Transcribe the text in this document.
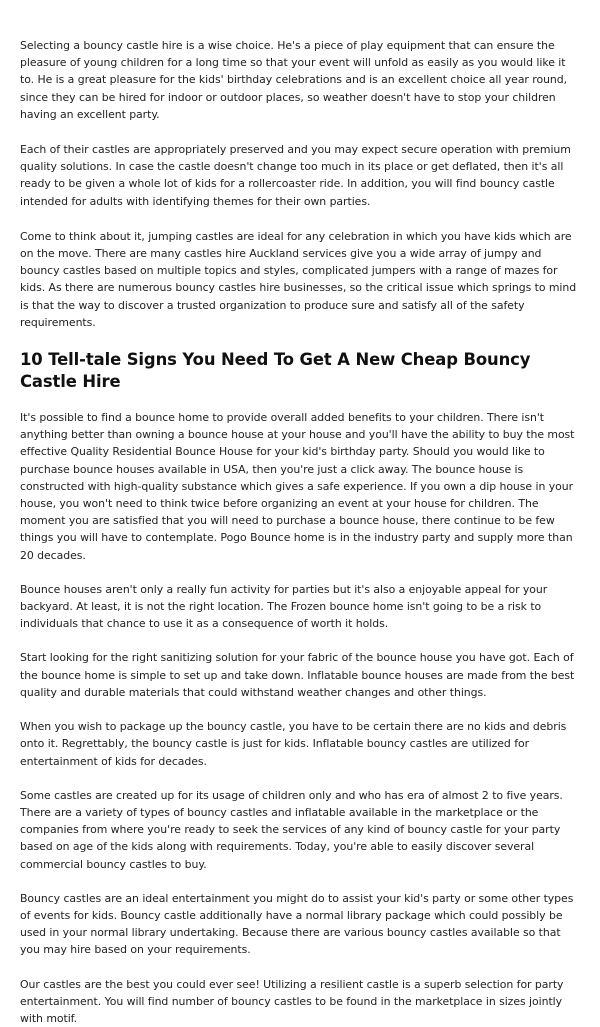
Selecting a bouncy castle hire is a wise choice. He's a piece of play equipment that can ensure the pleasure of young children for a long time so that your event will unfold as easily as you would like it to. He is a great pleasure for the kids' birthday celebrations and is an excellent choice all year round, since they can be hired for indoor or outdoor places, so weather doesn't have to stop your children having an excellent party.

Each of their castles are appropriately preserved and you may expect secure operation with premium quality solutions. In case the castle doesn't change too much in its place or get deflated, then it's all ready to be given a whole lot of kids for a rollercoaster ride. In addition, you will find bouncy castle intended for adults with identifying themes for their own parties.

Come to think about it, jumping castles are ideal for any celebration in which you have kids which are on the move. There are many castles hire Auckland services give you a wide array of jumpy and bouncy castles based on multiple topics and styles, complicated jumpers with a range of mazes for kids. As there are numerous bouncy castles hire businesses, so the critical issue which springs to mind is that the way to discover a trusted organization to produce sure and satisfy all of the safety requirements.

10 Tell-tale Signs You Need To Get A New Cheap Bouncy Castle Hire

It's possible to find a bounce home to provide overall added benefits to your children. There isn't anything better than owning a bounce house at your house and you'll have the ability to buy the most effective Quality Residential Bounce House for your kid's birthday party. Should you would like to purchase bounce houses available in USA, then you're just a click away. The bounce house is constructed with high-quality substance which gives a safe experience. If you own a dip house in your house, you won't need to think twice before organizing an event at your house for children. The moment you are satisfied that you will need to purchase a bounce house, there continue to be few things you will have to contemplate. Pogo Bounce home is in the industry party and supply more than 20 decades.

Bounce houses aren't only a really fun activity for parties but it's also a enjoyable appeal for your backyard. At least, it is not the right location. The Frozen bounce home isn't going to be a risk to individuals that chance to use it as a consequence of worth it holds.

Start looking for the right sanitizing solution for your fabric of the bounce house you have got. Each of the bounce home is simple to set up and take down. Inflatable bounce houses are made from the best quality and durable materials that could withstand weather changes and other things.

When you wish to package up the bouncy castle, you have to be certain there are no kids and debris onto it. Regrettably, the bouncy castle is just for kids. Inflatable bouncy castles are utilized for entertainment of kids for decades.

Some castles are created up for its usage of children only and who has era of almost 2 to five years. There are a variety of types of bouncy castles and inflatable available in the marketplace or the companies from where you're ready to seek the services of any kind of bouncy castle for your party based on age of the kids along with requirements. Today, you're able to easily discover several commercial bouncy castles to buy.

Bouncy castles are an ideal entertainment you might do to assist your kid's party or some other types of events for kids. Bouncy castle additionally have a normal library package which could possibly be used in your normal library undertaking. Because there are various bouncy castles available so that you may hire based on your requirements.

Our castles are the best you could ever see! Utilizing a resilient castle is a superb selection for party entertainment. You will find number of bouncy castles to be found in the marketplace in sizes jointly with motif.
